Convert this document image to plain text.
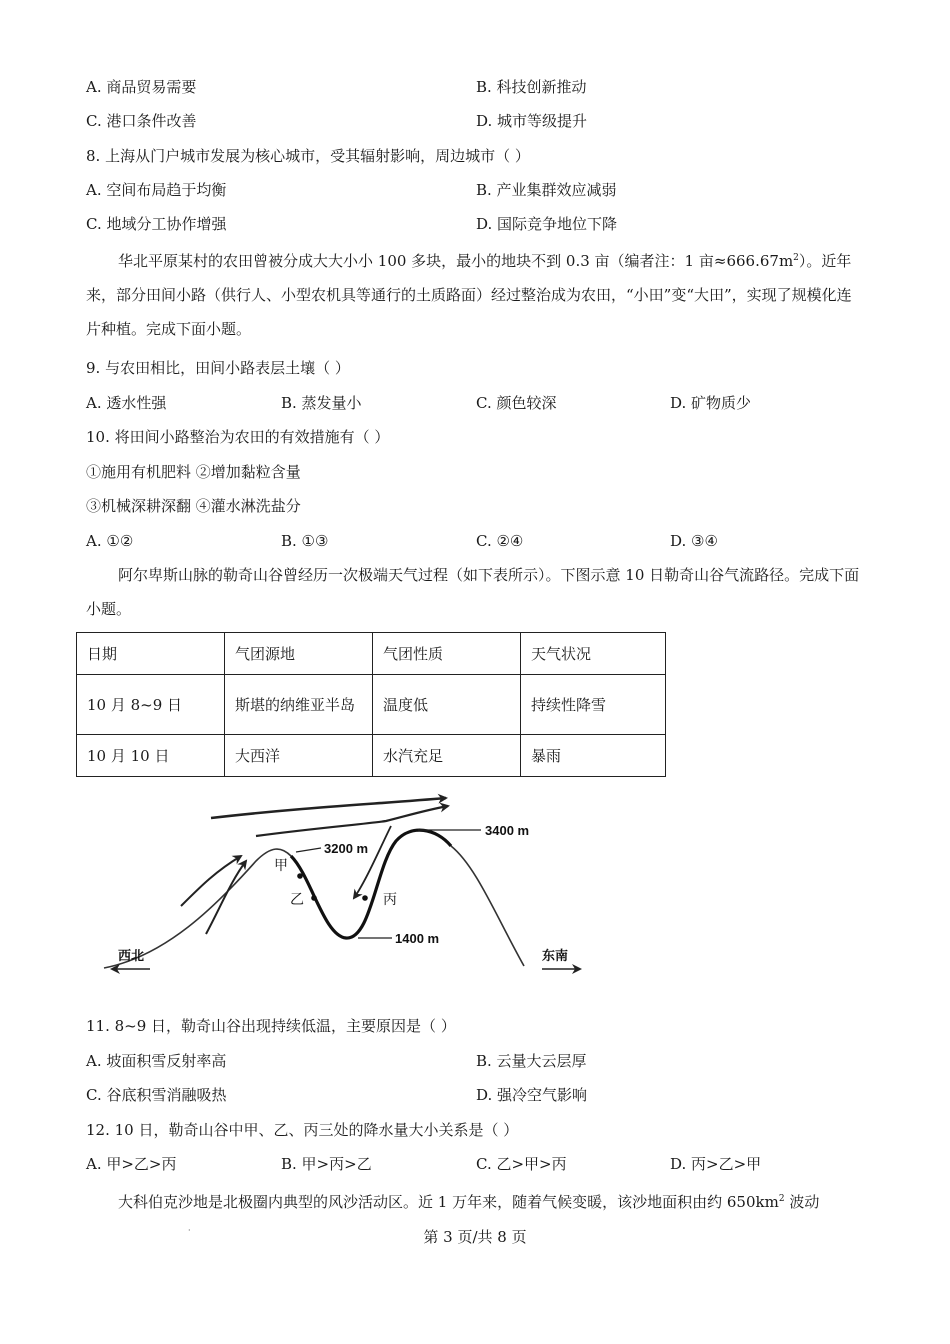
A. 商品贸易需要	B. 科技创新推动
C. 港口条件改善	D. 城市等级提升
8. 上海从门户城市发展为核心城市，受其辐射影响，周边城市（ ）
A. 空间布局趋于均衡	B. 产业集群效应减弱
C. 地域分工协作增强	D. 国际竞争地位下降
华北平原某村的农田曾被分成大大小小 100 多块，最小的地块不到 0.3 亩（编者注：1 亩$\approx 666.67m^2$）。近年来，部分田间小路（供行人、小型农机具等通行的土质路面）经过整治成为农田，“小田”变“大田”，实现了规模化连片种植。完成下面小题。
9. 与农田相比，田间小路表层土壤（ ）
A. 透水性强	B. 蒸发量小	C. 颜色较深	D. 矿物质少
10. 将田间小路整治为农田的有效措施有（ ）
①施用有机肥料 ②增加黏粒含量
③机械深耕深翻 ④灌水淋洗盐分
A. ①②	B. ①③	C. ②④	D. ③④
阿尔卑斯山脉的勒奇山谷曾经历一次极端天气过程（如下表所示）。下图示意 10 日勒奇山谷气流路径。完成下面小题。
日期	气团源地	气团性质	天气状况
10 月 8~9 日	斯堪的纳维亚半岛	温度低	持续性降雪
10 月 10 日	大西洋	水汽充足	暴雨
甲
乙	丙
3200 m
3400 m
1400 m
西北	东南
11. 8~9 日，勒奇山谷出现持续低温，主要原因是（ ）
A. 坡面积雪反射率高	B. 云量大云层厚
C. 谷底积雪消融吸热	D. 强冷空气影响
12. 10 日，勒奇山谷中甲、乙、丙三处的降水量大小关系是（ ）
A. 甲>乙>丙	B. 甲>丙>乙	C. 乙>甲>丙	D. 丙>乙>甲
大科伯克沙地是北极圈内典型的风沙活动区。近 1 万年来，随着气候变暖，该沙地面积由约 $650km^2$ 波动
·	第 3 页/共 8 页
